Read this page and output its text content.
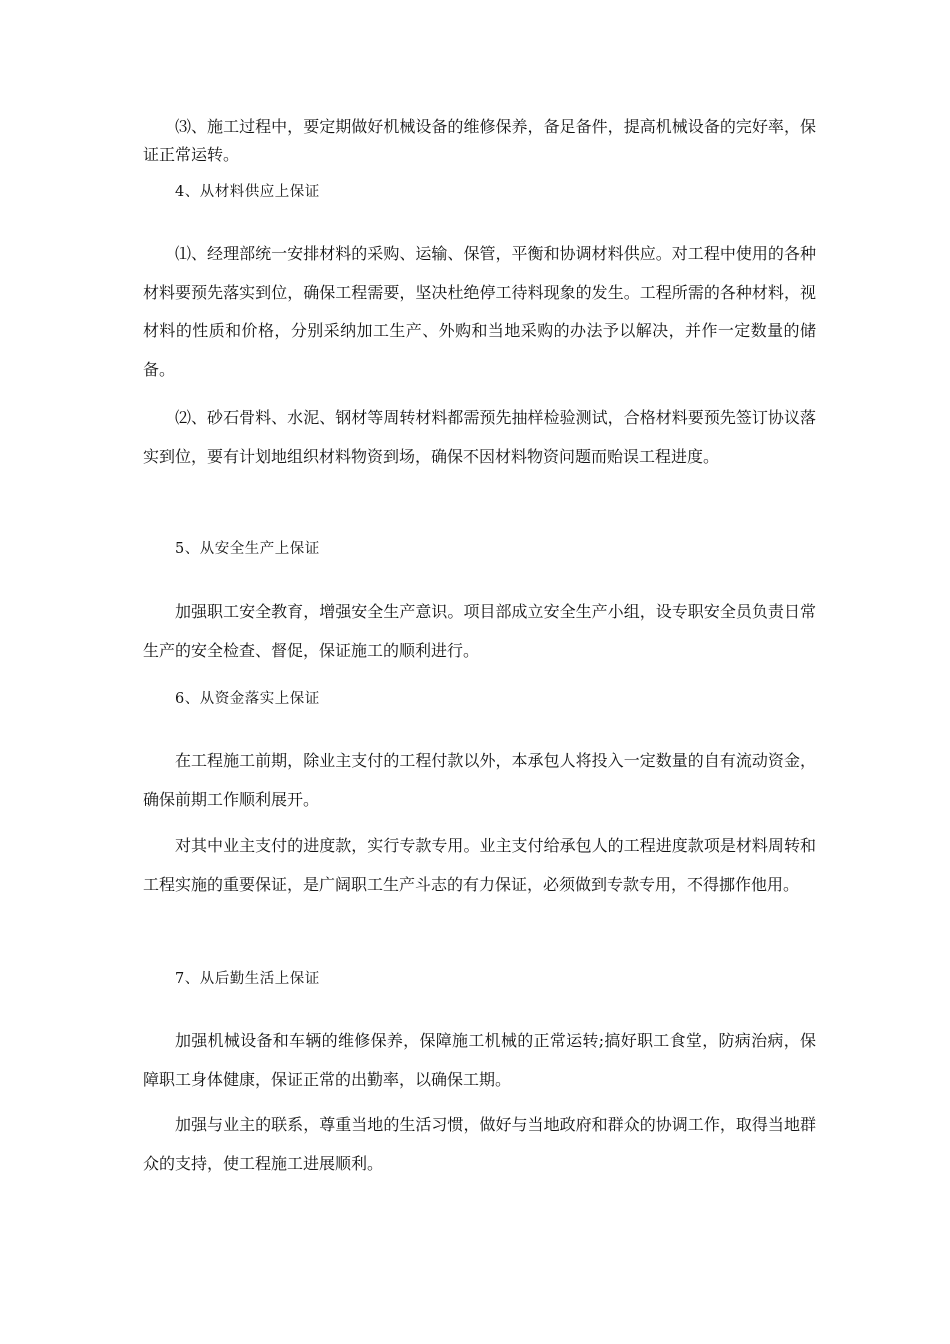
⑶、施工过程中，要定期做好机械设备的维修保养，备足备件，提高机械设备的完好率，保证正常运转。

4、从材料供应上保证

⑴、经理部统一安排材料的采购、运输、保管，平衡和协调材料供应。对工程中使用的各种材料要预先落实到位，确保工程需要，坚决杜绝停工待料现象的发生。工程所需的各种材料，视材料的性质和价格，分别采纳加工生产、外购和当地采购的办法予以解决，并作一定数量的储备。

⑵、砂石骨料、水泥、钢材等周转材料都需预先抽样检验测试，合格材料要预先签订协议落实到位，要有计划地组织材料物资到场，确保不因材料物资问题而贻误工程进度。

5、从安全生产上保证

加强职工安全教育，增强安全生产意识。项目部成立安全生产小组，设专职安全员负责日常生产的安全检查、督促，保证施工的顺利进行。

6、从资金落实上保证

在工程施工前期，除业主支付的工程付款以外，本承包人将投入一定数量的自有流动资金，确保前期工作顺利展开。

对其中业主支付的进度款，实行专款专用。业主支付给承包人的工程进度款项是材料周转和工程实施的重要保证，是广阔职工生产斗志的有力保证，必须做到专款专用，不得挪作他用。

7、从后勤生活上保证

加强机械设备和车辆的维修保养，保障施工机械的正常运转;搞好职工食堂，防病治病，保障职工身体健康，保证正常的出勤率，以确保工期。

加强与业主的联系，尊重当地的生活习惯，做好与当地政府和群众的协调工作，取得当地群众的支持，使工程施工进展顺利。
